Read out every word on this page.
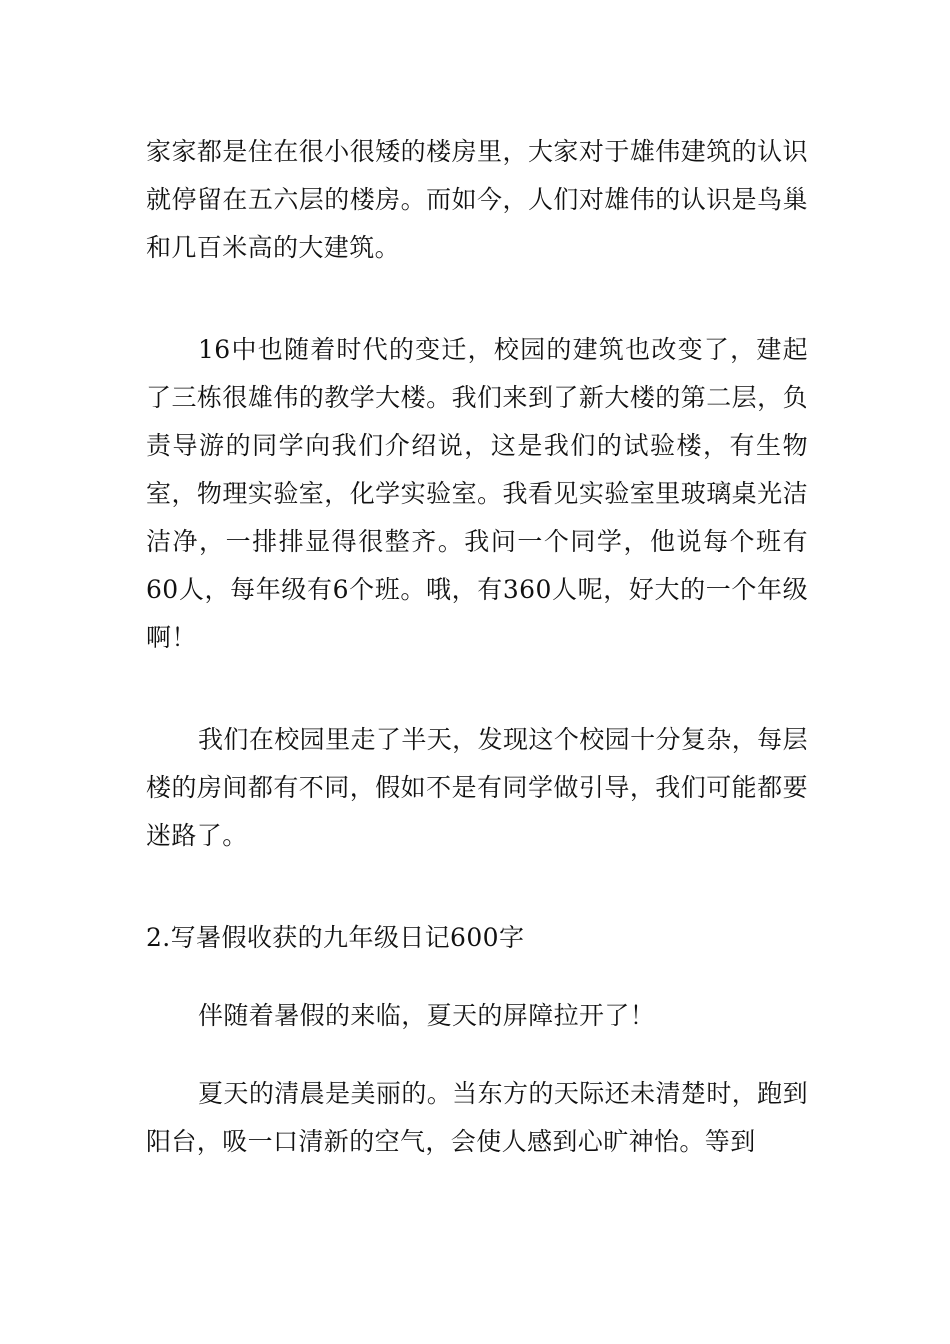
家家都是住在很小很矮的楼房里，大家对于雄伟建筑的认识就停留在五六层的楼房。而如今，人们对雄伟的认识是鸟巢和几百米高的大建筑。

16中也随着时代的变迁，校园的建筑也改变了，建起了三栋很雄伟的教学大楼。我们来到了新大楼的第二层，负责导游的同学向我们介绍说，这是我们的试验楼，有生物室，物理实验室，化学实验室。我看见实验室里玻璃桌光洁洁净，一排排显得很整齐。我问一个同学，他说每个班有60人，每年级有6个班。哦，有360人呢，好大的一个年级啊！

我们在校园里走了半天，发现这个校园十分复杂，每层楼的房间都有不同，假如不是有同学做引导，我们可能都要迷路了。

2.写暑假收获的九年级日记600字

伴随着暑假的来临，夏天的屏障拉开了！

夏天的清晨是美丽的。当东方的天际还未清楚时，跑到阳台，吸一口清新的空气，会使人感到心旷神怡。等到
